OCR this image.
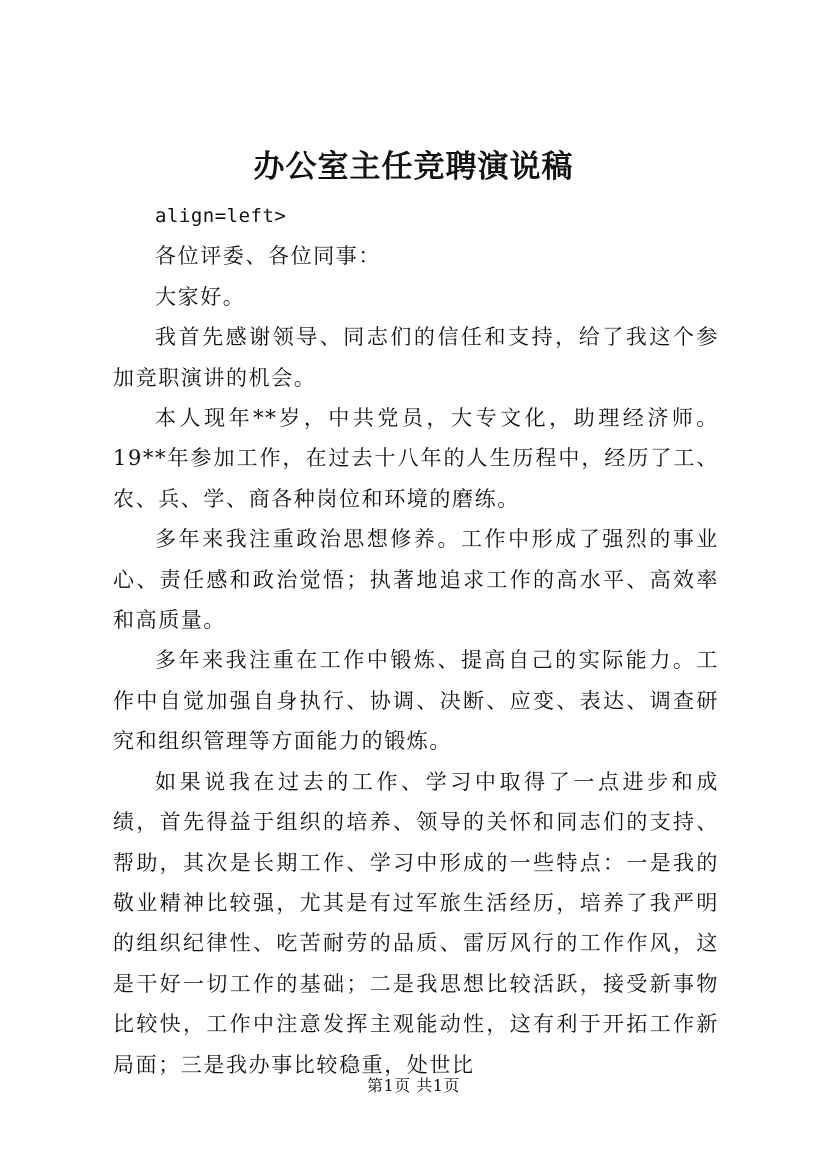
办公室主任竞聘演说稿

align=left>

各位评委、各位同事：

大家好。

我首先感谢领导、同志们的信任和支持，给了我这个参加竞职演讲的机会。

本人现年**岁，中共党员，大专文化，助理经济师。19**年参加工作，在过去十八年的人生历程中，经历了工、农、兵、学、商各种岗位和环境的磨练。

多年来我注重政治思想修养。工作中形成了强烈的事业心、责任感和政治觉悟；执著地追求工作的高水平、高效率和高质量。

多年来我注重在工作中锻炼、提高自己的实际能力。工作中自觉加强自身执行、协调、决断、应变、表达、调查研究和组织管理等方面能力的锻炼。

如果说我在过去的工作、学习中取得了一点进步和成绩，首先得益于组织的培养、领导的关怀和同志们的支持、帮助，其次是长期工作、学习中形成的一些特点：一是我的敬业精神比较强，尤其是有过军旅生活经历，培养了我严明的组织纪律性、吃苦耐劳的品质、雷厉风行的工作作风，这是干好一切工作的基础；二是我思想比较活跃，接受新事物比较快，工作中注意发挥主观能动性，这有利于开拓工作新局面；三是我办事比较稳重，处世比

第1页 共1页
